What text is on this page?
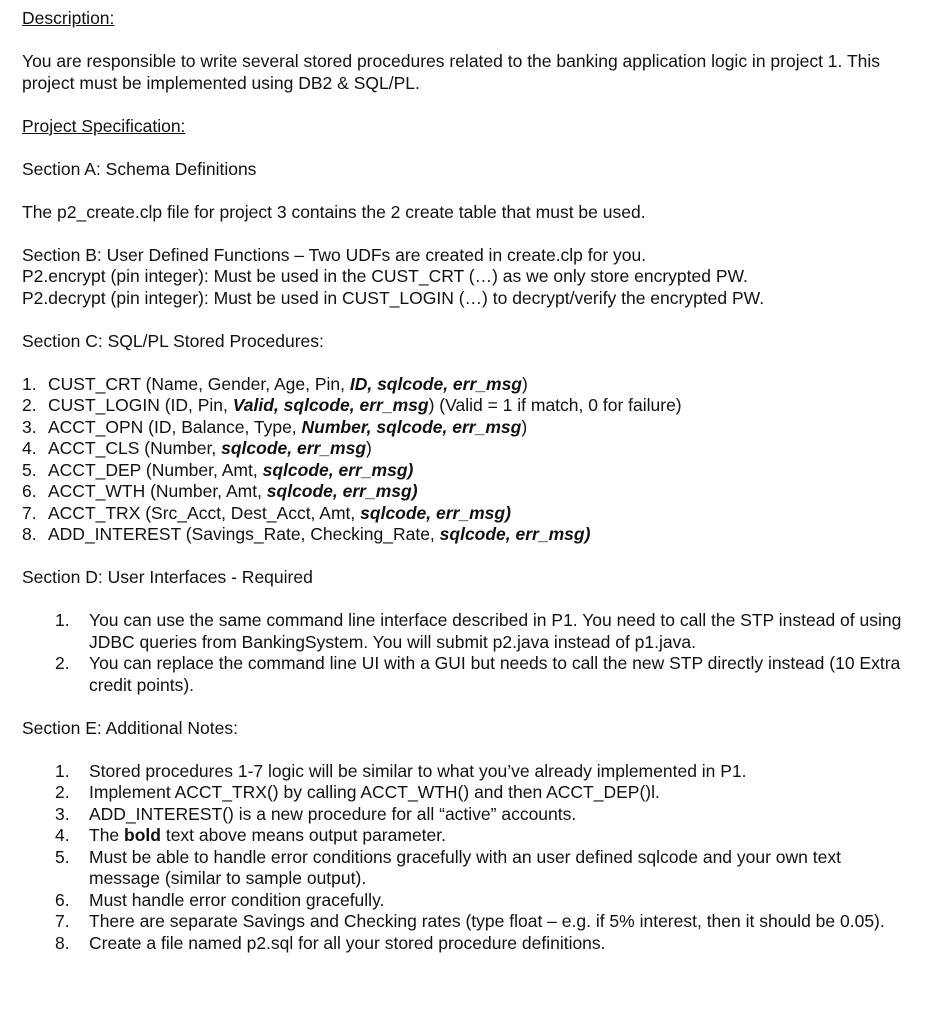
Description:
You are responsible to write several stored procedures related to the banking application logic in project 1. This project must be implemented using DB2 & SQL/PL.
Project Specification:
Section A: Schema Definitions
The p2_create.clp file for project 3 contains the 2 create table that must be used.
Section B: User Defined Functions – Two UDFs are created in create.clp for you.
P2.encrypt (pin integer): Must be used in the CUST_CRT (…) as we only store encrypted PW.
P2.decrypt (pin integer): Must be used in CUST_LOGIN (…) to decrypt/verify the encrypted PW.
Section C: SQL/PL Stored Procedures:
1. CUST_CRT (Name, Gender, Age, Pin, ID, sqlcode, err_msg)
2. CUST_LOGIN (ID, Pin, Valid, sqlcode, err_msg) (Valid = 1 if match, 0 for failure)
3. ACCT_OPN (ID, Balance, Type, Number, sqlcode, err_msg)
4. ACCT_CLS (Number, sqlcode, err_msg)
5. ACCT_DEP (Number, Amt, sqlcode, err_msg)
6. ACCT_WTH (Number, Amt, sqlcode, err_msg)
7. ACCT_TRX (Src_Acct, Dest_Acct, Amt, sqlcode, err_msg)
8. ADD_INTEREST (Savings_Rate, Checking_Rate, sqlcode, err_msg)
Section D: User Interfaces - Required
1.	You can use the same command line interface described in P1. You need to call the STP instead of using JDBC queries from BankingSystem. You will submit p2.java instead of p1.java.
2.	You can replace the command line UI with a GUI but needs to call the new STP directly instead (10 Extra credit points).
Section E: Additional Notes:
1.	Stored procedures 1-7 logic will be similar to what you’ve already implemented in P1.
2.	Implement ACCT_TRX() by calling ACCT_WTH() and then ACCT_DEP()l.
3.	ADD_INTEREST() is a new procedure for all “active” accounts.
4.	The bold text above means output parameter.
5.	Must be able to handle error conditions gracefully with an user defined sqlcode and your own text message (similar to sample output).
6.	Must handle error condition gracefully.
7.	There are separate Savings and Checking rates (type float – e.g. if 5% interest, then it should be 0.05).
8.	Create a file named p2.sql for all your stored procedure definitions.
